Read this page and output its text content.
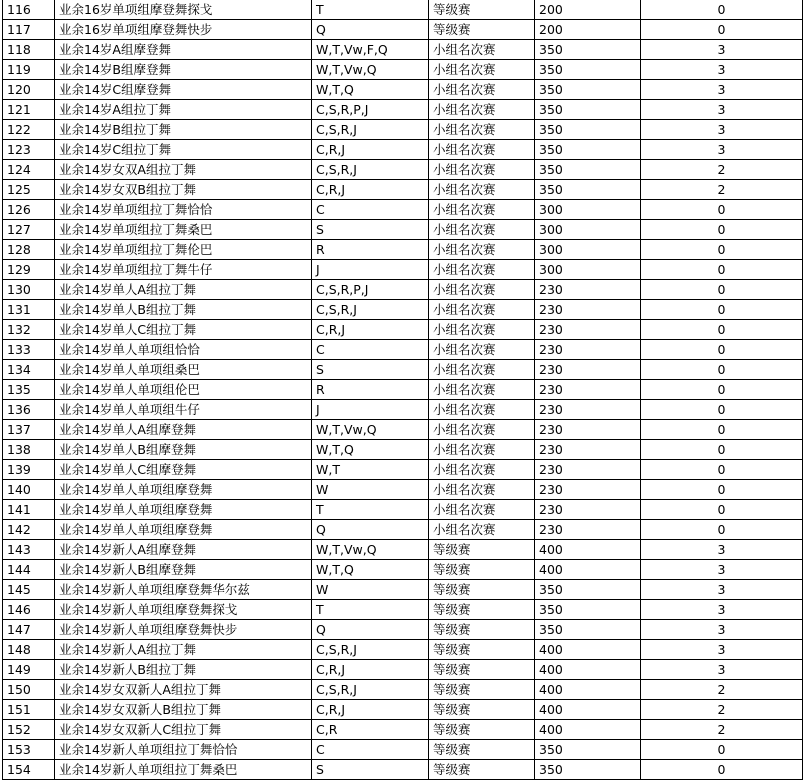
116	业余16岁单项组摩登舞探戈	T	等级赛	200	0
117	业余16岁单项组摩登舞快步	Q	等级赛	200	0
118	业余14岁A组摩登舞	W,T,Vw,F,Q	小组名次赛	350	3
119	业余14岁B组摩登舞	W,T,Vw,Q	小组名次赛	350	3
120	业余14岁C组摩登舞	W,T,Q	小组名次赛	350	3
121	业余14岁A组拉丁舞	C,S,R,P,J	小组名次赛	350	3
122	业余14岁B组拉丁舞	C,S,R,J	小组名次赛	350	3
123	业余14岁C组拉丁舞	C,R,J	小组名次赛	350	3
124	业余14岁女双A组拉丁舞	C,S,R,J	小组名次赛	350	2
125	业余14岁女双B组拉丁舞	C,R,J	小组名次赛	350	2
126	业余14岁单项组拉丁舞恰恰	C	小组名次赛	300	0
127	业余14岁单项组拉丁舞桑巴	S	小组名次赛	300	0
128	业余14岁单项组拉丁舞伦巴	R	小组名次赛	300	0
129	业余14岁单项组拉丁舞牛仔	J	小组名次赛	300	0
130	业余14岁单人A组拉丁舞	C,S,R,P,J	小组名次赛	230	0
131	业余14岁单人B组拉丁舞	C,S,R,J	小组名次赛	230	0
132	业余14岁单人C组拉丁舞	C,R,J	小组名次赛	230	0
133	业余14岁单人单项组恰恰	C	小组名次赛	230	0
134	业余14岁单人单项组桑巴	S	小组名次赛	230	0
135	业余14岁单人单项组伦巴	R	小组名次赛	230	0
136	业余14岁单人单项组牛仔	J	小组名次赛	230	0
137	业余14岁单人A组摩登舞	W,T,Vw,Q	小组名次赛	230	0
138	业余14岁单人B组摩登舞	W,T,Q	小组名次赛	230	0
139	业余14岁单人C组摩登舞	W,T	小组名次赛	230	0
140	业余14岁单人单项组摩登舞	W	小组名次赛	230	0
141	业余14岁单人单项组摩登舞	T	小组名次赛	230	0
142	业余14岁单人单项组摩登舞	Q	小组名次赛	230	0
143	业余14岁新人A组摩登舞	W,T,Vw,Q	等级赛	400	3
144	业余14岁新人B组摩登舞	W,T,Q	等级赛	400	3
145	业余14岁新人单项组摩登舞华尔兹	W	等级赛	350	3
146	业余14岁新人单项组摩登舞探戈	T	等级赛	350	3
147	业余14岁新人单项组摩登舞快步	Q	等级赛	350	3
148	业余14岁新人A组拉丁舞	C,S,R,J	等级赛	400	3
149	业余14岁新人B组拉丁舞	C,R,J	等级赛	400	3
150	业余14岁女双新人A组拉丁舞	C,S,R,J	等级赛	400	2
151	业余14岁女双新人B组拉丁舞	C,R,J	等级赛	400	2
152	业余14岁女双新人C组拉丁舞	C,R	等级赛	400	2
153	业余14岁新人单项组拉丁舞恰恰	C	等级赛	350	0
154	业余14岁新人单项组拉丁舞桑巴	S	等级赛	350	0
